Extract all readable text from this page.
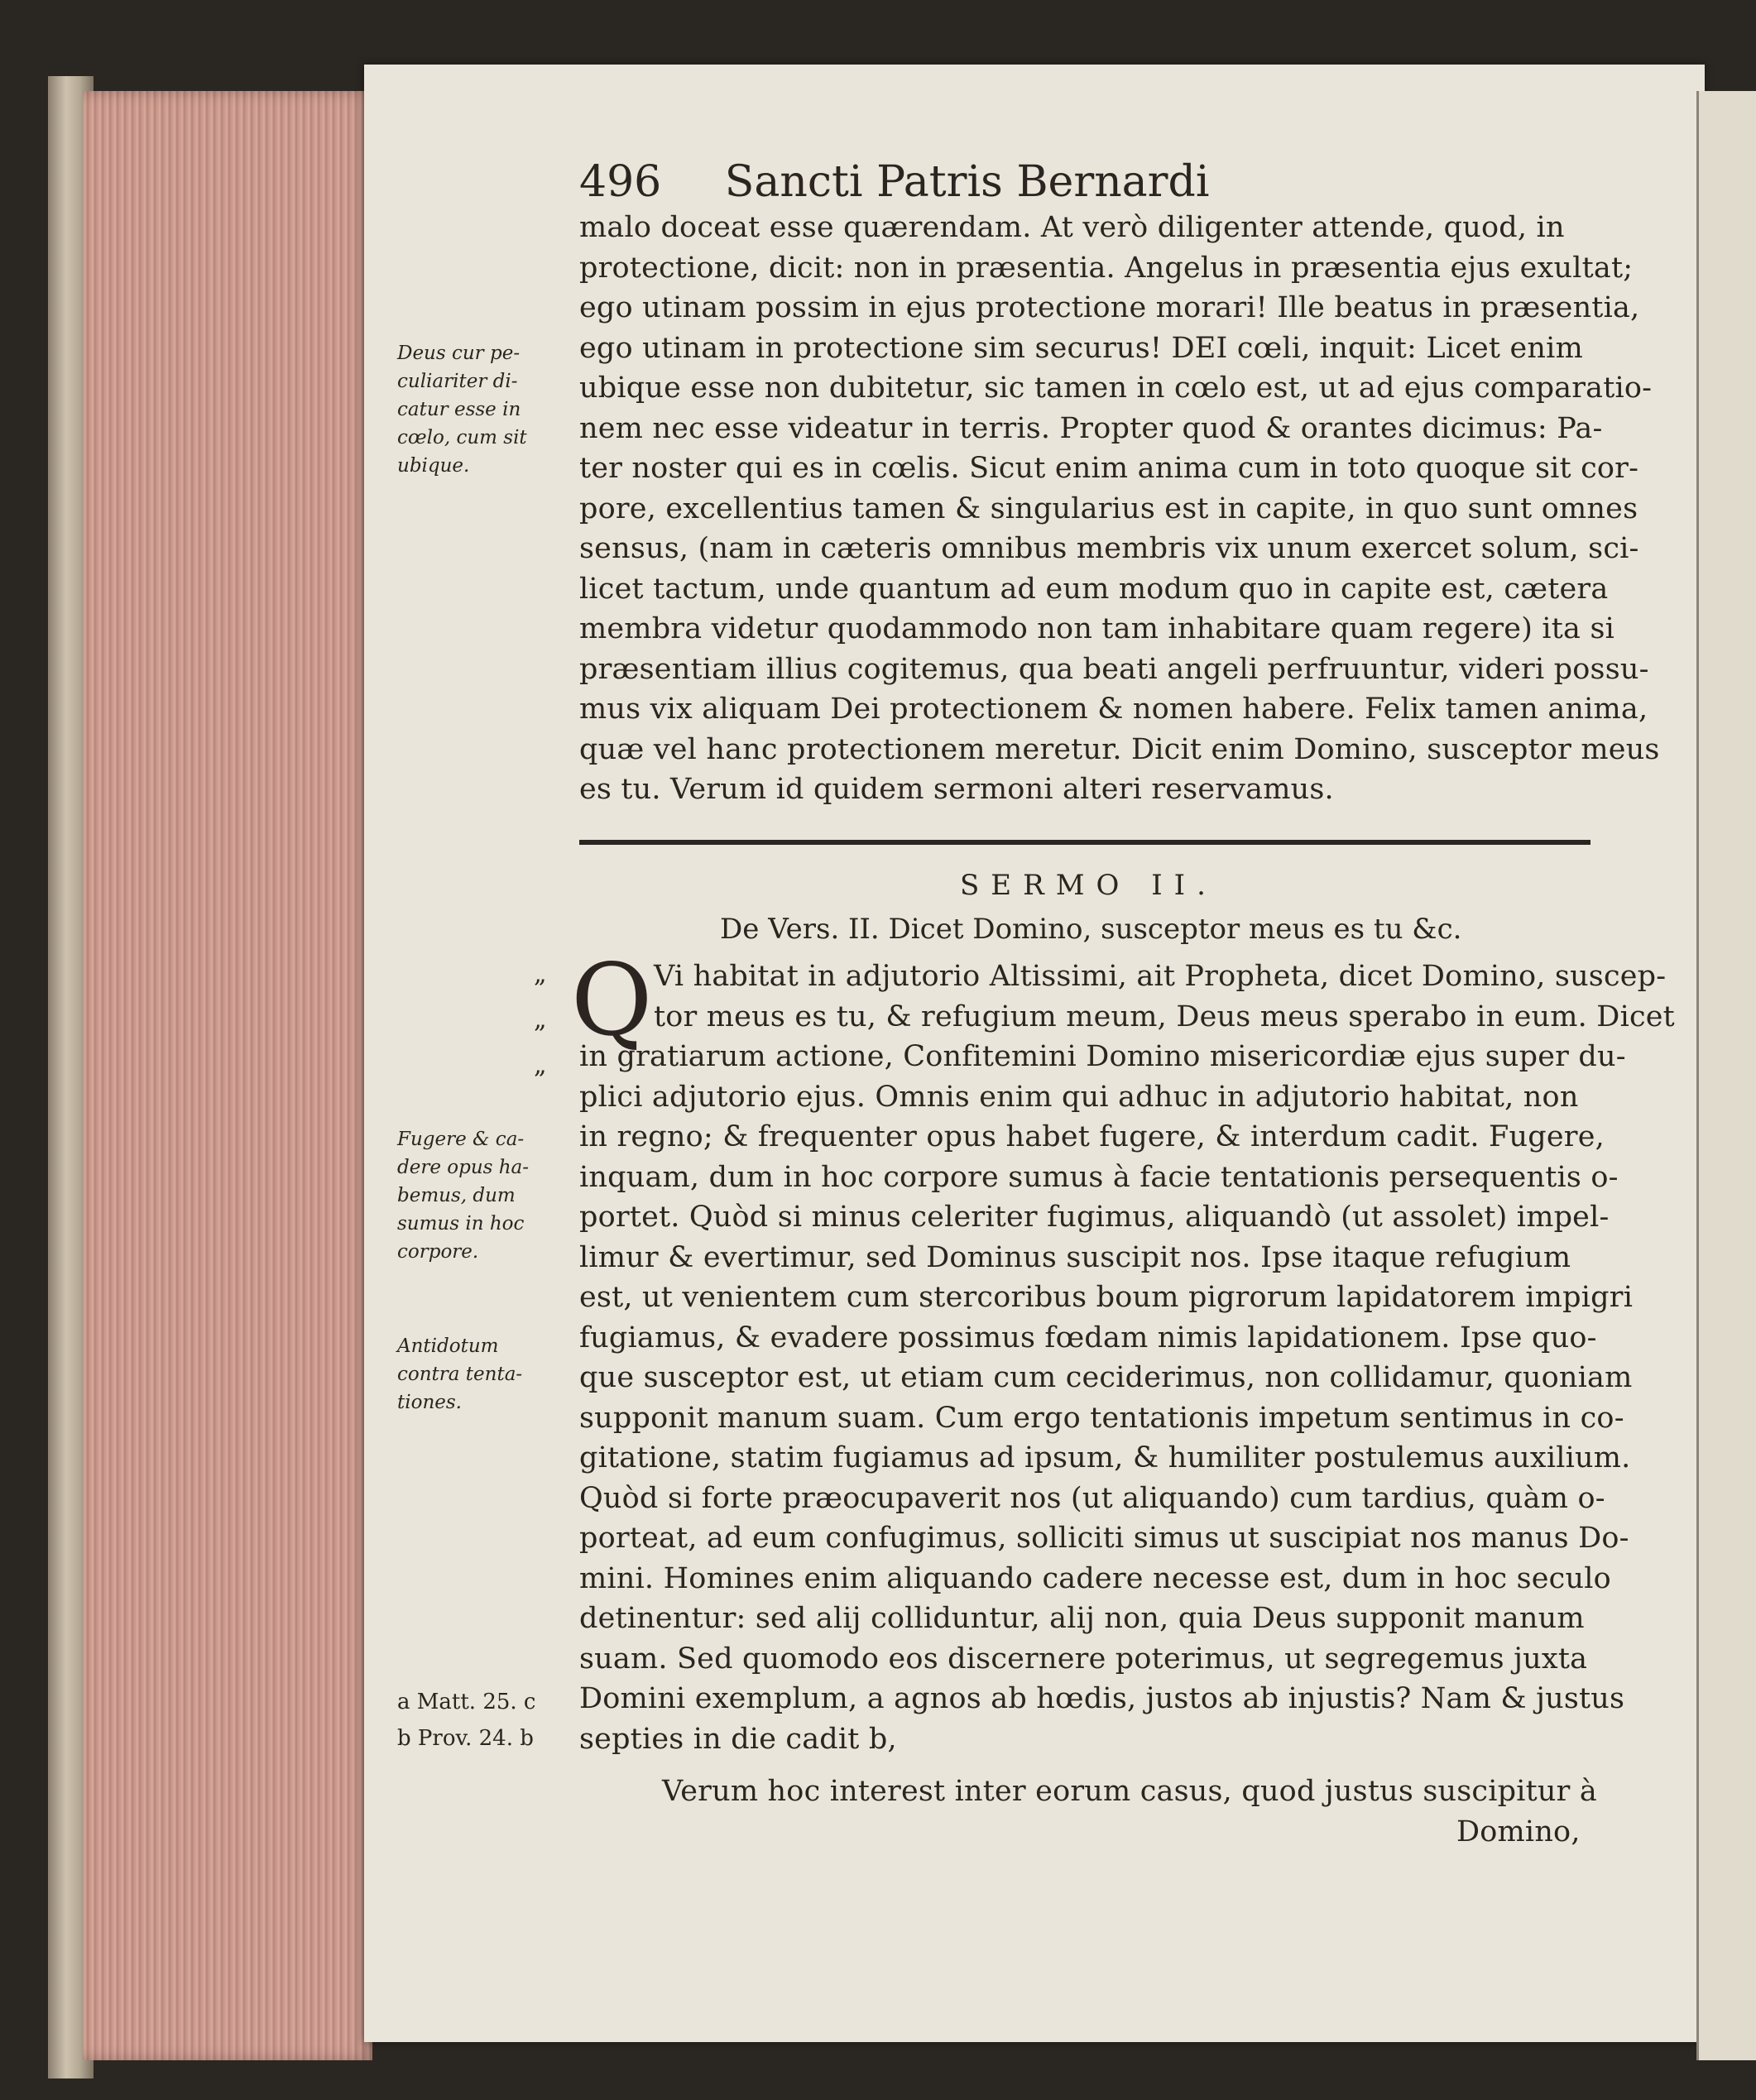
496 Sancti Patris Bernardi
malo doceat esse quærendam. At verò diligenter attende, quod, in
protectione, dicit: non in præsentia. Angelus in præsentia ejus exultat;
ego utinam possim in ejus protectione morari! Ille beatus in præsentia,
ego utinam in protectione sim securus! DEI cœli, inquit: Licet enim
ubique esse non dubitetur, sic tamen in cœlo est, ut ad ejus comparatio-
nem nec esse videatur in terris. Propter quod & orantes dicimus: Pa-
ter noster qui es in cœlis. Sicut enim anima cum in toto quoque sit cor-
pore, excellentius tamen & singularius est in capite, in quo sunt omnes
sensus, (nam in cæteris omnibus membris vix unum exercet solum, sci-
licet tactum, unde quantum ad eum modum quo in capite est, cætera
membra videtur quodammodo non tam inhabitare quam regere) ita si
præsentiam illius cogitemus, qua beati angeli perfruuntur, videri possu-
mus vix aliquam Dei protectionem & nomen habere. Felix tamen anima,
quæ vel hanc protectionem meretur. Dicit enim Domino, susceptor meus
es tu. Verum id quidem sermoni alteri reservamus.
Deus cur pe-
culiariter di-
catur esse in
cœlo, cum sit
ubique.
SERMO II.
De Vers. II. Dicet Domino, susceptor meus es tu &c.
Q
„
„
„
Vi habitat in adjutorio Altissimi, ait Propheta, dicet Domino, suscep-
tor meus es tu, & refugium meum, Deus meus sperabo in eum. Dicet
in gratiarum actione, Confitemini Domino misericordiæ ejus super du-
plici adjutorio ejus. Omnis enim qui adhuc in adjutorio habitat, non
in regno; & frequenter opus habet fugere, & interdum cadit. Fugere,
inquam, dum in hoc corpore sumus à facie tentationis persequentis o-
portet. Quòd si minus celeriter fugimus, aliquandò (ut assolet) impel-
limur & evertimur, sed Dominus suscipit nos. Ipse itaque refugium
est, ut venientem cum stercoribus boum pigrorum lapidatorem impigri
fugiamus, & evadere possimus fœdam nimis lapidationem. Ipse quo-
que susceptor est, ut etiam cum ceciderimus, non collidamur, quoniam
supponit manum suam. Cum ergo tentationis impetum sentimus in co-
gitatione, statim fugiamus ad ipsum, & humiliter postulemus auxilium.
Quòd si forte præocupaverit nos (ut aliquando) cum tardius, quàm o-
porteat, ad eum confugimus, solliciti simus ut suscipiat nos manus Do-
mini. Homines enim aliquando cadere necesse est, dum in hoc seculo
detinentur: sed alij colliduntur, alij non, quia Deus supponit manum
suam. Sed quomodo eos discernere poterimus, ut segregemus juxta
Domini exemplum, a agnos ab hœdis, justos ab injustis? Nam & justus
septies in die cadit b,
Verum hoc interest inter eorum casus, quod justus suscipitur à
Domino,
Fugere & ca-
dere opus ha-
bemus, dum
sumus in hoc
corpore.
Antidotum
contra tenta-
tiones.
a Matt. 25. c
b Prov. 24. b
